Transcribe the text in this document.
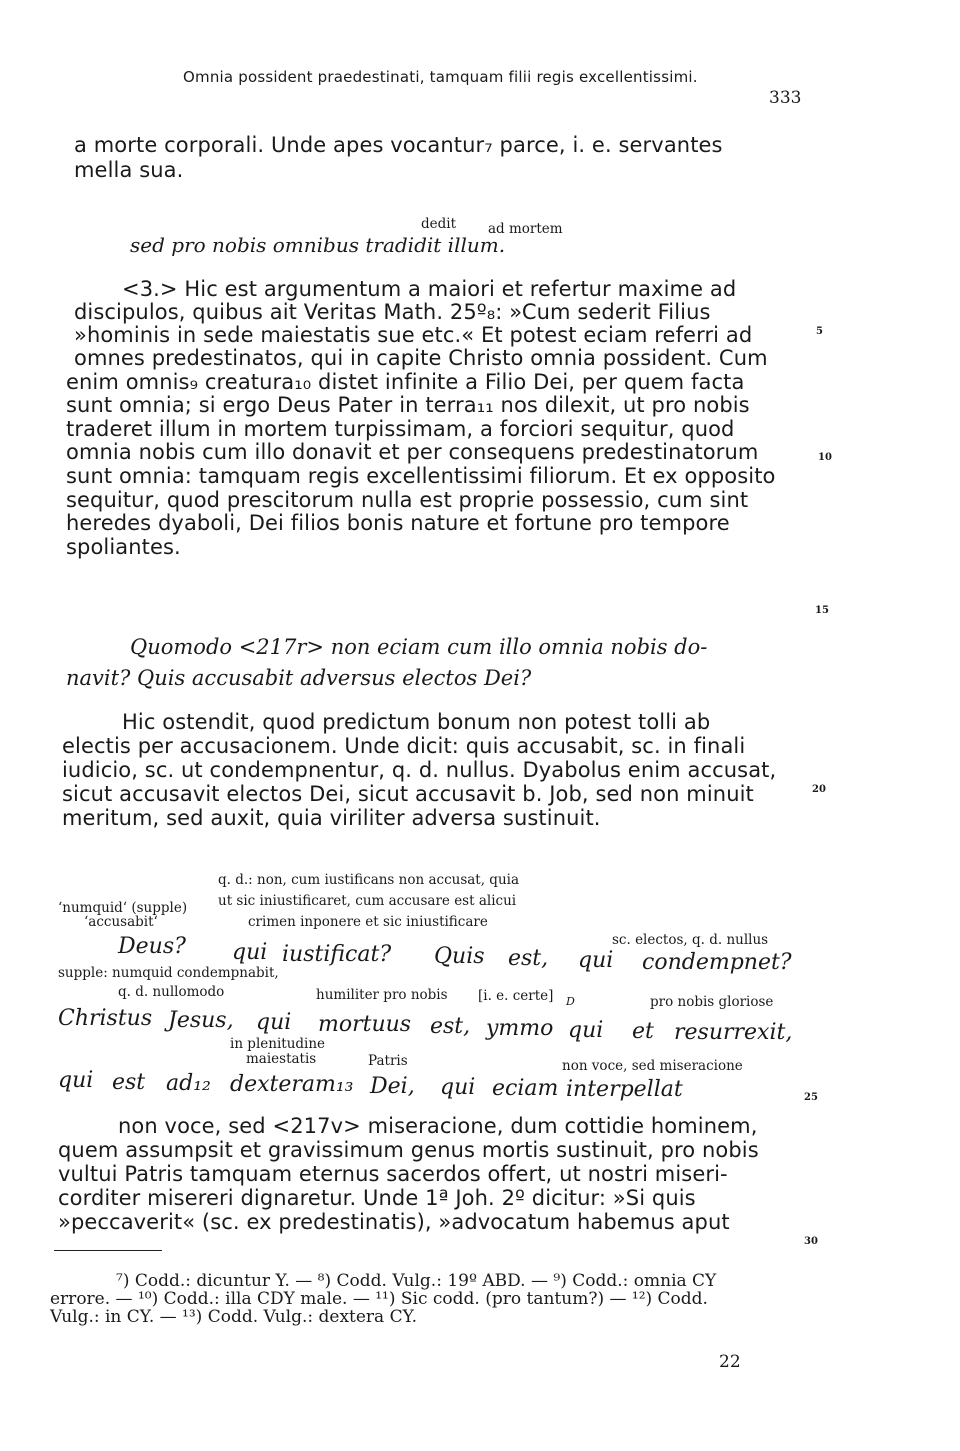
Omnia possident praedestinati, tamquam filii regis excellentissimi.
333
a morte corporali. Unde apes vocantur₇ parce, i. e. servantes
mella sua.
dedit ad mortem
sed pro nobis omnibus tradidit illum.
<3.> Hic est argumentum a maiori et refertur maxime ad
discipulos, quibus ait Veritas Math. 25º₈: »Cum sederit Filius
»hominis in sede maiestatis sue etc.« Et potest eciam referri ad
omnes predestinatos, qui in capite Christo omnia possident. Cum
enim omnis₉ creatura₁₀ distet infinite a Filio Dei, per quem facta
sunt omnia; si ergo Deus Pater in terra₁₁ nos dilexit, ut pro nobis
traderet illum in mortem turpissimam, a forciori sequitur, quod
omnia nobis cum illo donavit et per consequens predestinatorum
sunt omnia: tamquam regis excellentissimi filiorum. Et ex opposito
sequitur, quod prescitorum nulla est proprie possessio, cum sint
heredes dyaboli, Dei filios bonis nature et fortune pro tempore
spoliantes.
Quomodo <217r> non eciam cum illo omnia nobis do-
navit? Quis accusabit adversus electos Dei?
Hic ostendit, quod predictum bonum non potest tolli ab
electis per accusacionem. Unde dicit: quis accusabit, sc. in finali
iudicio, sc. ut condempnentur, q. d. nullus. Dyabolus enim accusat,
sicut accusavit electos Dei, sicut accusavit b. Job, sed non minuit
meritum, sed auxit, quia viriliter adversa sustinuit.
q. d.: non, cum iustificans non accusat, quia
‘numquid‘ (supple) ut sic iniustificaret, cum accusare est alicui
‘accusabit‘	crimen inponere et sic iniustificare
sc. electos, q. d. nullus
Deus? qui iustificat? Quis est, qui condempnet?
supple: numquid condempnabit,
q. d. nullomodo	humiliter pro nobis [i. e. certe] D	pro nobis gloriose
Christus Jesus, qui mortuus est, ymmo qui et resurrexit,
in plenitudine
maiestatis	Patris	non voce, sed miseracione
qui est ad₁₂ dexteram₁₃ Dei, qui eciam interpellat
non voce, sed <217v> miseracione, dum cottidie hominem,
quem assumpsit et gravissimum genus mortis sustinuit, pro nobis
vultui Patris tamquam eternus sacerdos offert, ut nostri miseri-
corditer misereri dignaretur. Unde 1ª Joh. 2º dicitur: »Si quis
»peccaverit« (sc. ex predestinatis), »advocatum habemus aput
5
10
15
20
25
30
⁷) Codd.: dicuntur Y. — ⁸) Codd. Vulg.: 19º ABD. — ⁹) Codd.: omnia CY
errore. — ¹⁰) Codd.: illa CDY male. — ¹¹) Sic codd. (pro tantum?) — ¹²) Codd.
Vulg.: in CY. — ¹³) Codd. Vulg.: dextera CY.
22
